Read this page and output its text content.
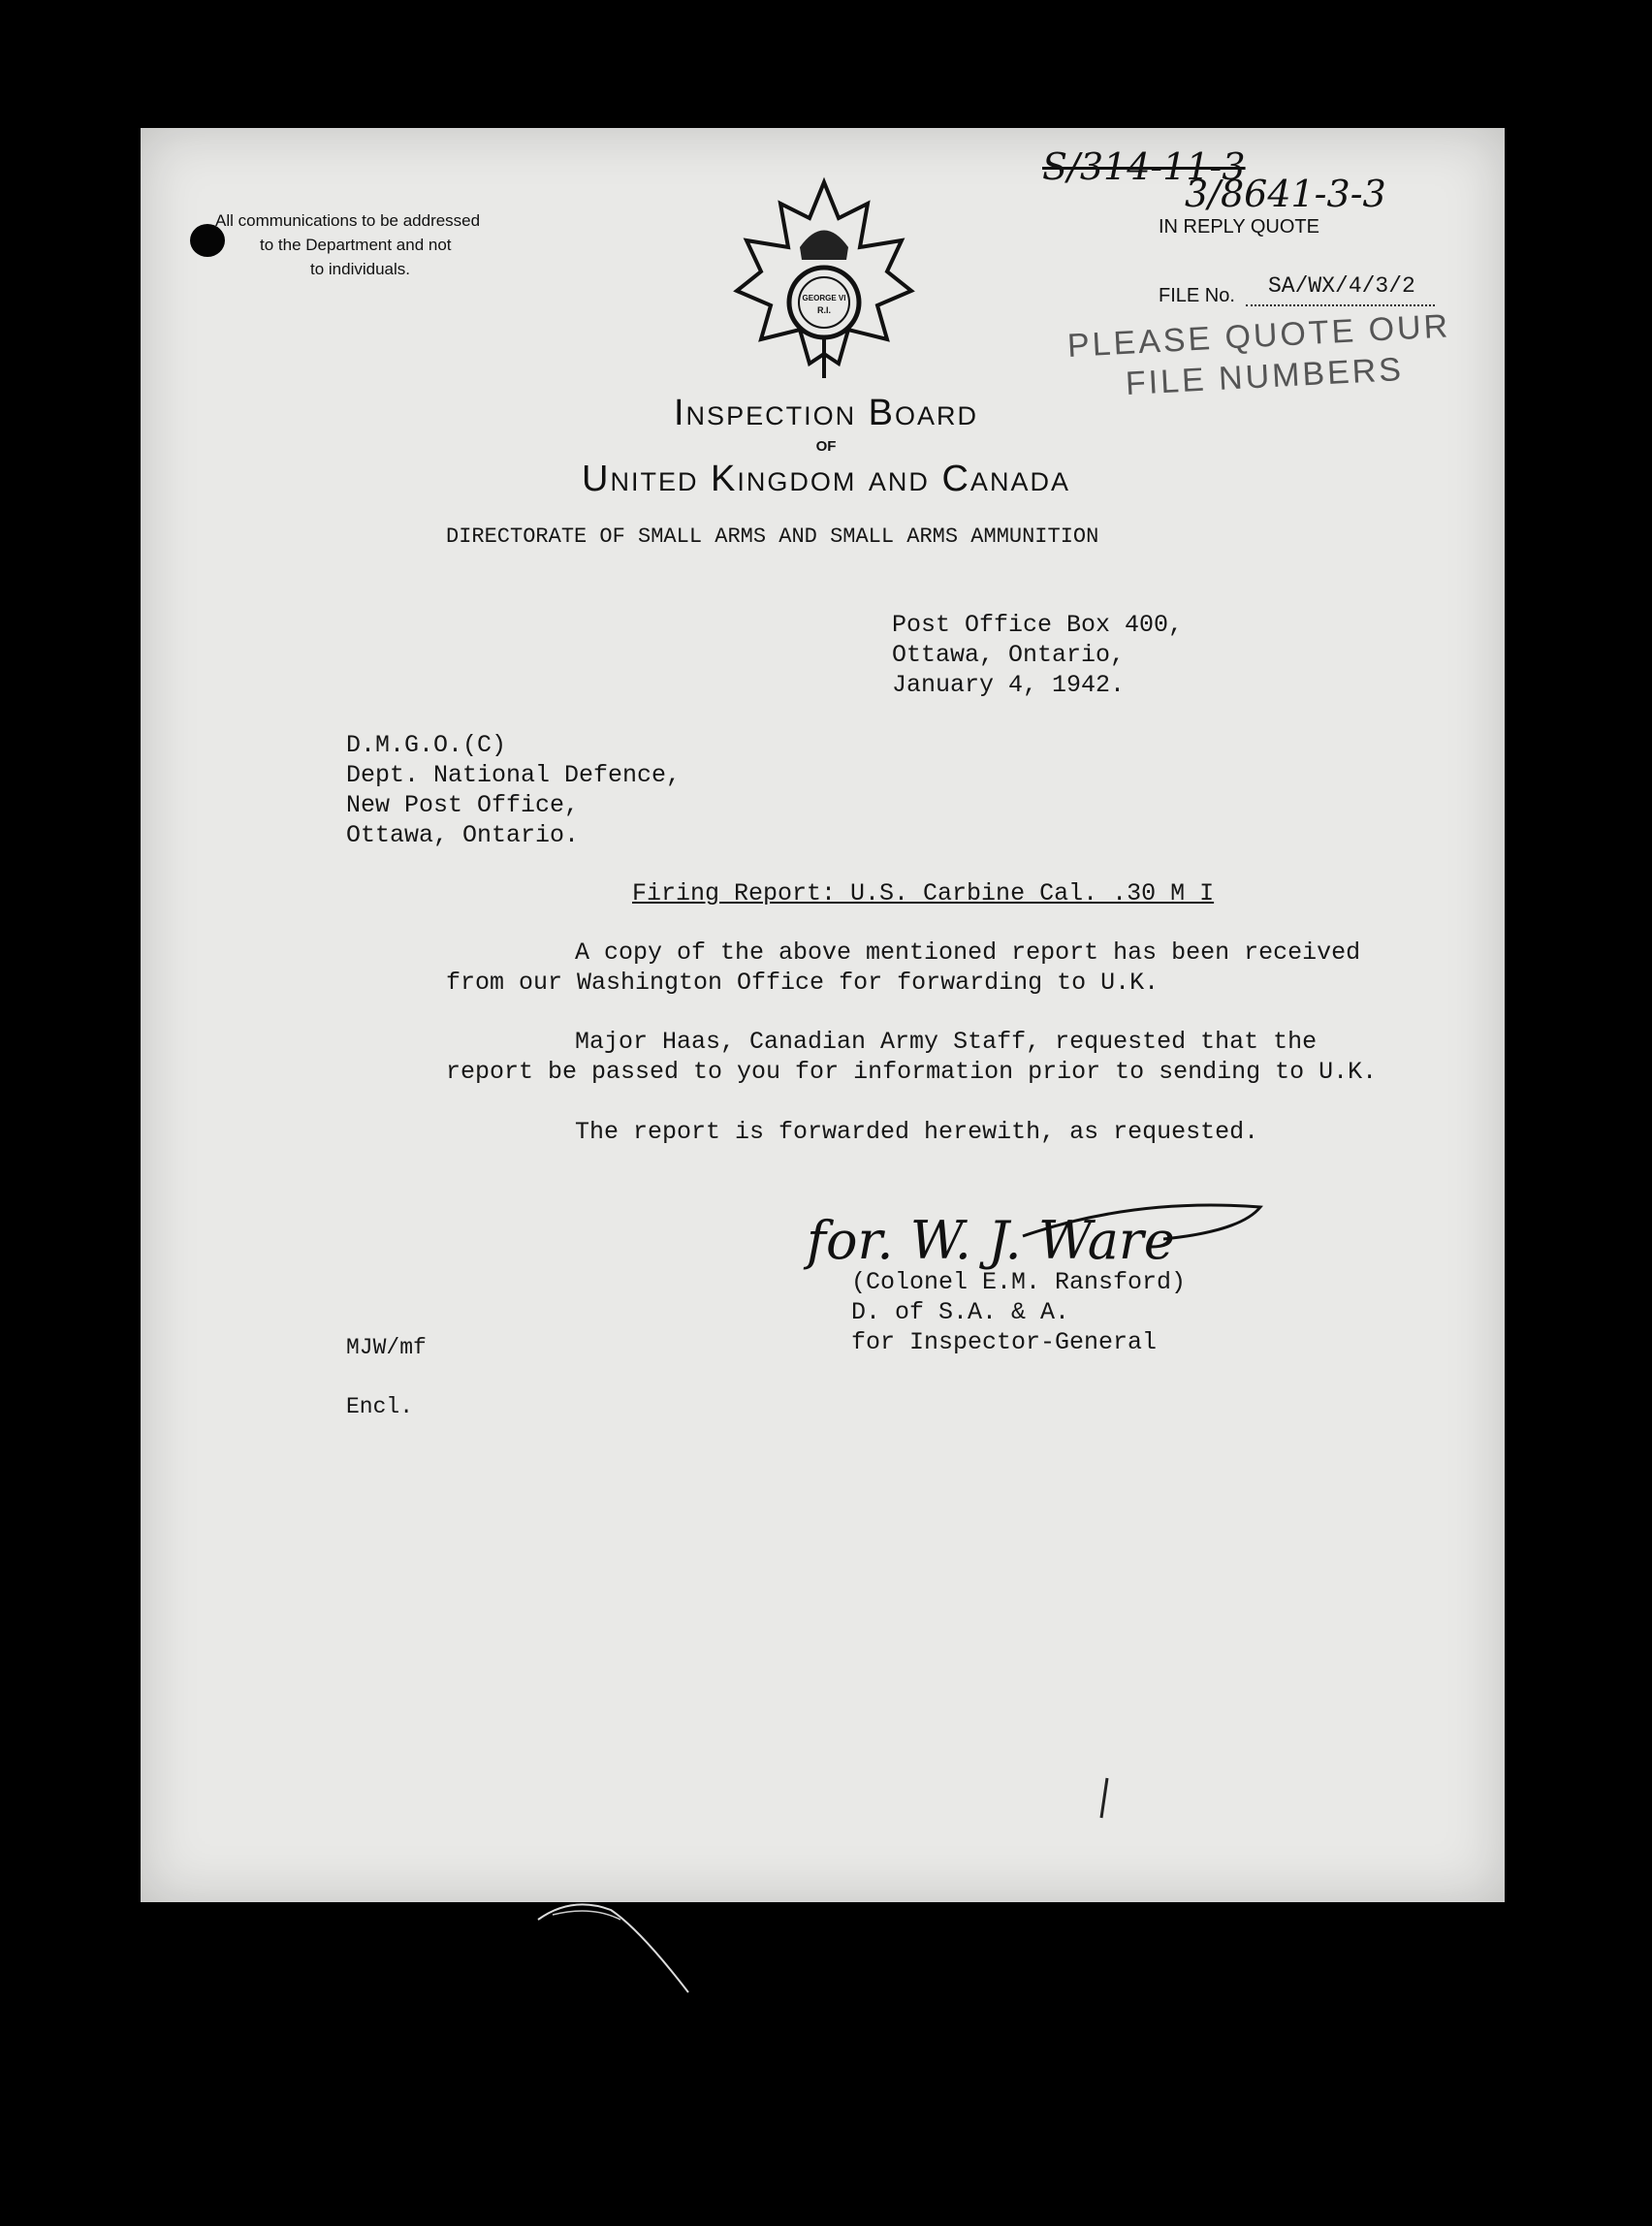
All communications to be addressed
to the Department and not
to individuals.
GEORGE VI
R.I.
S/314-11-3
3/8641-3-3
IN REPLY QUOTE
FILE No. SA/WX/4/3/2
PLEASE QUOTE OUR
FILE NUMBERS
Inspection Board
OF
United Kingdom and Canada
DIRECTORATE OF SMALL ARMS AND SMALL ARMS AMMUNITION
Post Office Box 400,
Ottawa, Ontario,
January 4, 1942.
D.M.G.O.(C)
Dept. National Defence,
New Post Office,
Ottawa, Ontario.
Firing Report: U.S. Carbine Cal. .30 M I
A copy of the above mentioned report has been received
from our Washington Office for forwarding to U.K.
Major Haas, Canadian Army Staff, requested that the
report be passed to you for information prior to sending to U.K.
The report is forwarded herewith, as requested.
for. W. J. Ware
(Colonel E.M. Ransford)
D. of S.A. & A.
for Inspector-General
MJW/mf
Encl.
